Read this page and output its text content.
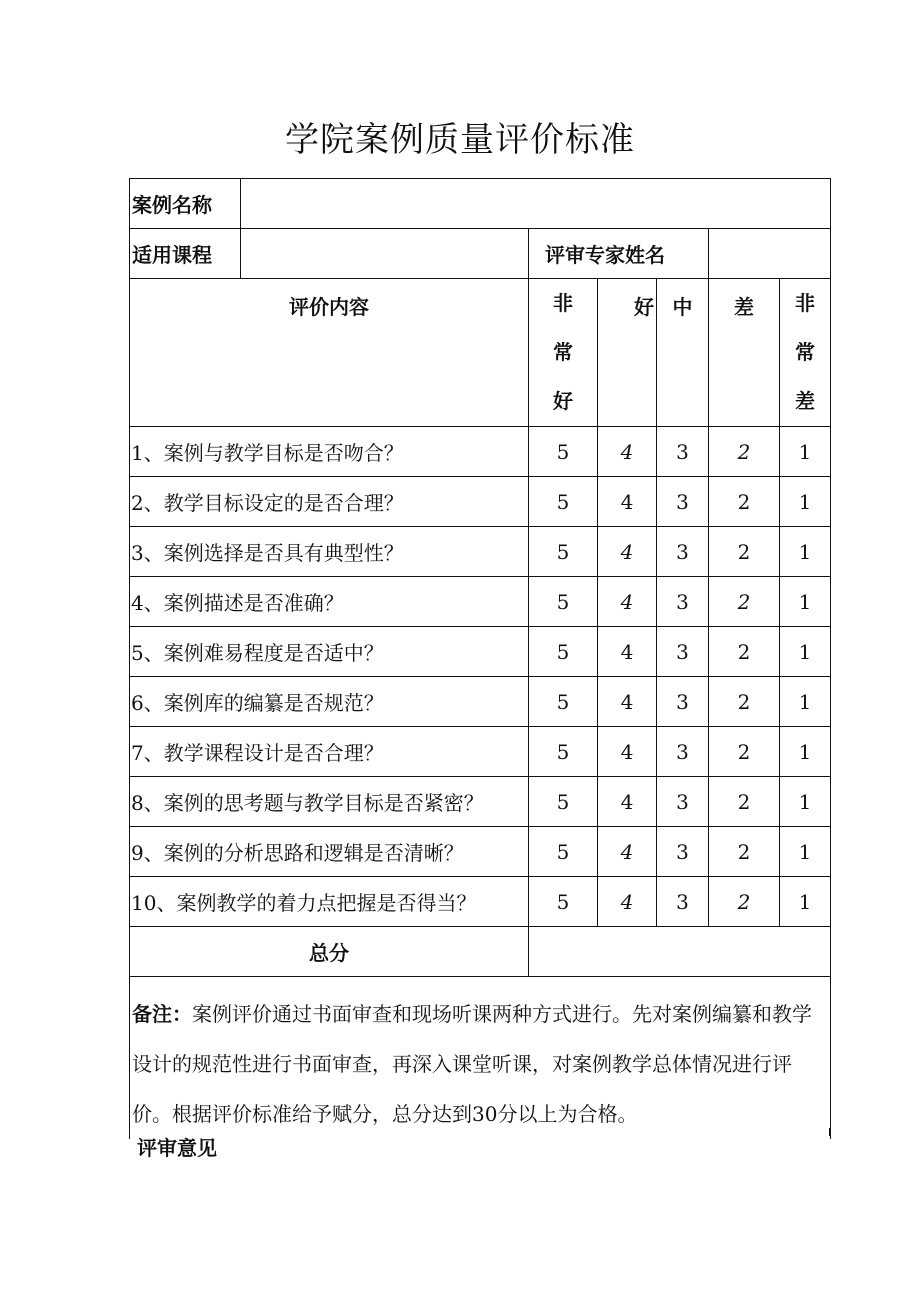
学院案例质量评价标准
案例名称						
适用课程		评审专家姓名				
评价内容		非常好	好	中	差	非常差

1、案例与教学目标是否吻合？		5	4	3	2	1
2、教学目标设定的是否合理？		5	4	3	2	1
3、案例选择是否具有典型性？		5	4	3	2	1
4、案例描述是否准确？		5	4	3	2	1
5、案例难易程度是否适中？		5	4	3	2	1
6、案例库的编纂是否规范？		5	4	3	2	1
7、教学课程设计是否合理？		5	4	3	2	1
8、案例的思考题与教学目标是否紧密？		5	4	3	2	1
9、案例的分析思路和逻辑是否清晰？		5	4	3	2	1
10、案例教学的着力点把握是否得当？		5	4	3	2	1
总分						

备注：案例评价通过书面审查和现场听课两种方式进行。先对案例编纂和教学设计的规范性进行书面审查，再深入课堂听课，对案例教学总体情况进行评价。根据评价标准给予赋分，总分达到30分以上为合格。						
评审意见
